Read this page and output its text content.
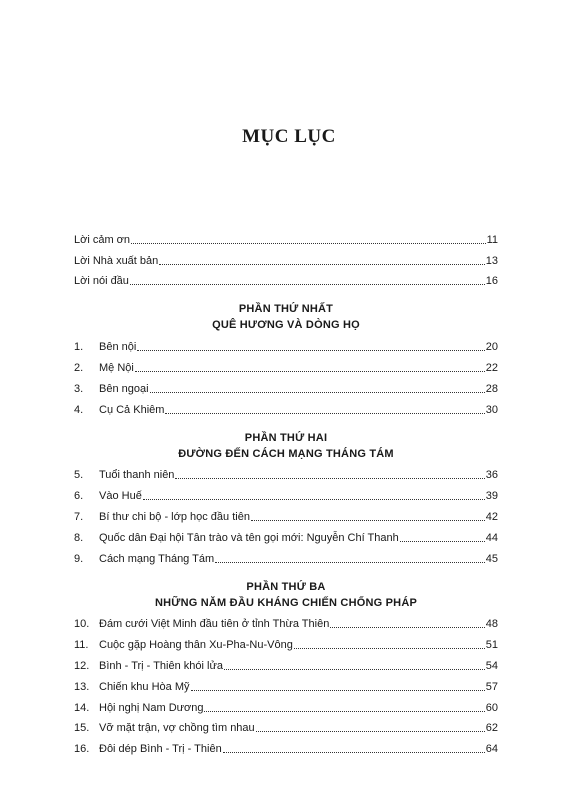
MỤC LỤC
Lời cảm ơn	11
Lời Nhà xuất bản	13
Lời nói đầu	16
PHẦN THỨ NHẤT
QUÊ HƯƠNG VÀ DÒNG HỌ
1.	Bên nội	20
2.	Mệ Nội	22
3.	Bên ngoại	28
4.	Cụ Cả Khiêm	30
PHẦN THỨ HAI
ĐƯỜNG ĐẾN CÁCH MẠNG THÁNG TÁM
5.	Tuổi thanh niên	36
6.	Vào Huế	39
7.	Bí thư chi bộ - lớp học đầu tiên	42
8.	Quốc dân Đại hội Tân trào và tên gọi mới: Nguyễn Chí Thanh	44
9.	Cách mạng Tháng Tám	45
PHẦN THỨ BA
NHỮNG NĂM ĐẦU KHÁNG CHIẾN CHỐNG PHÁP
10. Đám cưới Việt Minh đầu tiên ở tỉnh Thừa Thiên	48
11. Cuộc gặp Hoàng thân Xu-Pha-Nu-Vông	51
12. Bình - Trị - Thiên khói lửa	54
13. Chiến khu Hòa Mỹ	57
14. Hội nghị Nam Dương	60
15. Vỡ mặt trận, vợ chồng tìm nhau	62
16. Đôi dép Bình - Trị - Thiên	64
